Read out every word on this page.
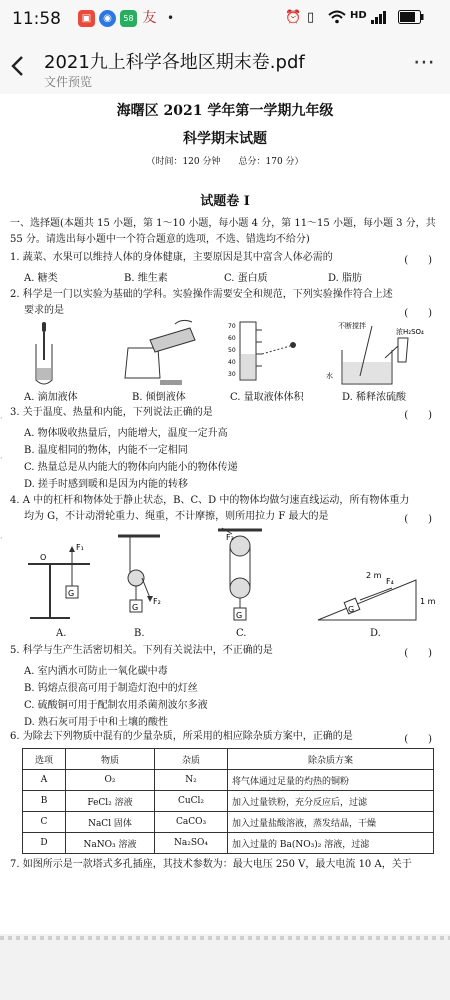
11:58	▣	◉	58 友 •	⏰ ▯	HD
2021九上科学各地区期末卷.pdf
文件预览
⋯
海曙区 2021 学年第一学期九年级
科学期末试题
（时间：120 分钟　　总分：170 分）
试题卷 Ⅰ
一、选择题(本题共 15 小题，第 1～10 小题，每小题 4 分，第 11～15 小题，每小题 3 分，共
55 分。请选出每小题中一个符合题意的选项，不选、错选均不给分)
1. 蔬菜、水果可以维持人体的身体健康，主要原因是其中富含人体必需的	(　　)
A. 糖类	B. 维生素	C. 蛋白质	D. 脂肪
2. 科学是一门以实验为基础的学科。实验操作需要安全和规范，下列实验操作符合上述
要求的是	(　　)
70
60
50
40
30
不断搅拌
浓H₂SO₄
水
A. 滴加液体	B. 倾倒液体	C. 量取液体体积	D. 稀释浓硫酸
3. 关于温度、热量和内能，下列说法正确的是	(　　)
A. 物体吸收热量后，内能增大，温度一定升高
B. 温度相同的物体，内能不一定相同
C. 热量总是从内能大的物体向内能小的物体传递
D. 搓手时感到暖和是因为内能的转移
4. A 中的杠杆和物体处于静止状态，B、C、D 中的物体均做匀速直线运动，所有物体重力
均为 G，不计动滑轮重力、绳重，不计摩擦，则所用拉力 F 最大的是	(　　)
O
F₁
G
F₂
G
F₃
G
G
F₄
2 m
1 m
A.	B.	C.	D.
5. 科学与生产生活密切相关。下列有关说法中，不正确的是	(　　)
A. 室内洒水可防止一氧化碳中毒
B. 钨熔点很高可用于制造灯泡中的灯丝
C. 硫酸铜可用于配制农用杀菌剂波尔多液
D. 熟石灰可用于中和土壤的酸性
6. 为除去下列物质中混有的少量杂质，所采用的相应除杂质方案中，正确的是	(　　)
选项	物质	杂质	除杂质方案
A	O₂	N₂	将气体通过足量的灼热的铜粉
B	FeCl₂ 溶液	CuCl₂	加入过量铁粉，充分反应后，过滤
C	NaCl 固体	CaCO₃	加入过量盐酸溶液，蒸发结晶，干燥
D	NaNO₃ 溶液	Na₂SO₄	加入过量的 Ba(NO₃)₂ 溶液，过滤
7. 如图所示是一款塔式多孔插座，其技术参数为：最大电压 250 V，最大电流 10 A，关于
·
·
·
